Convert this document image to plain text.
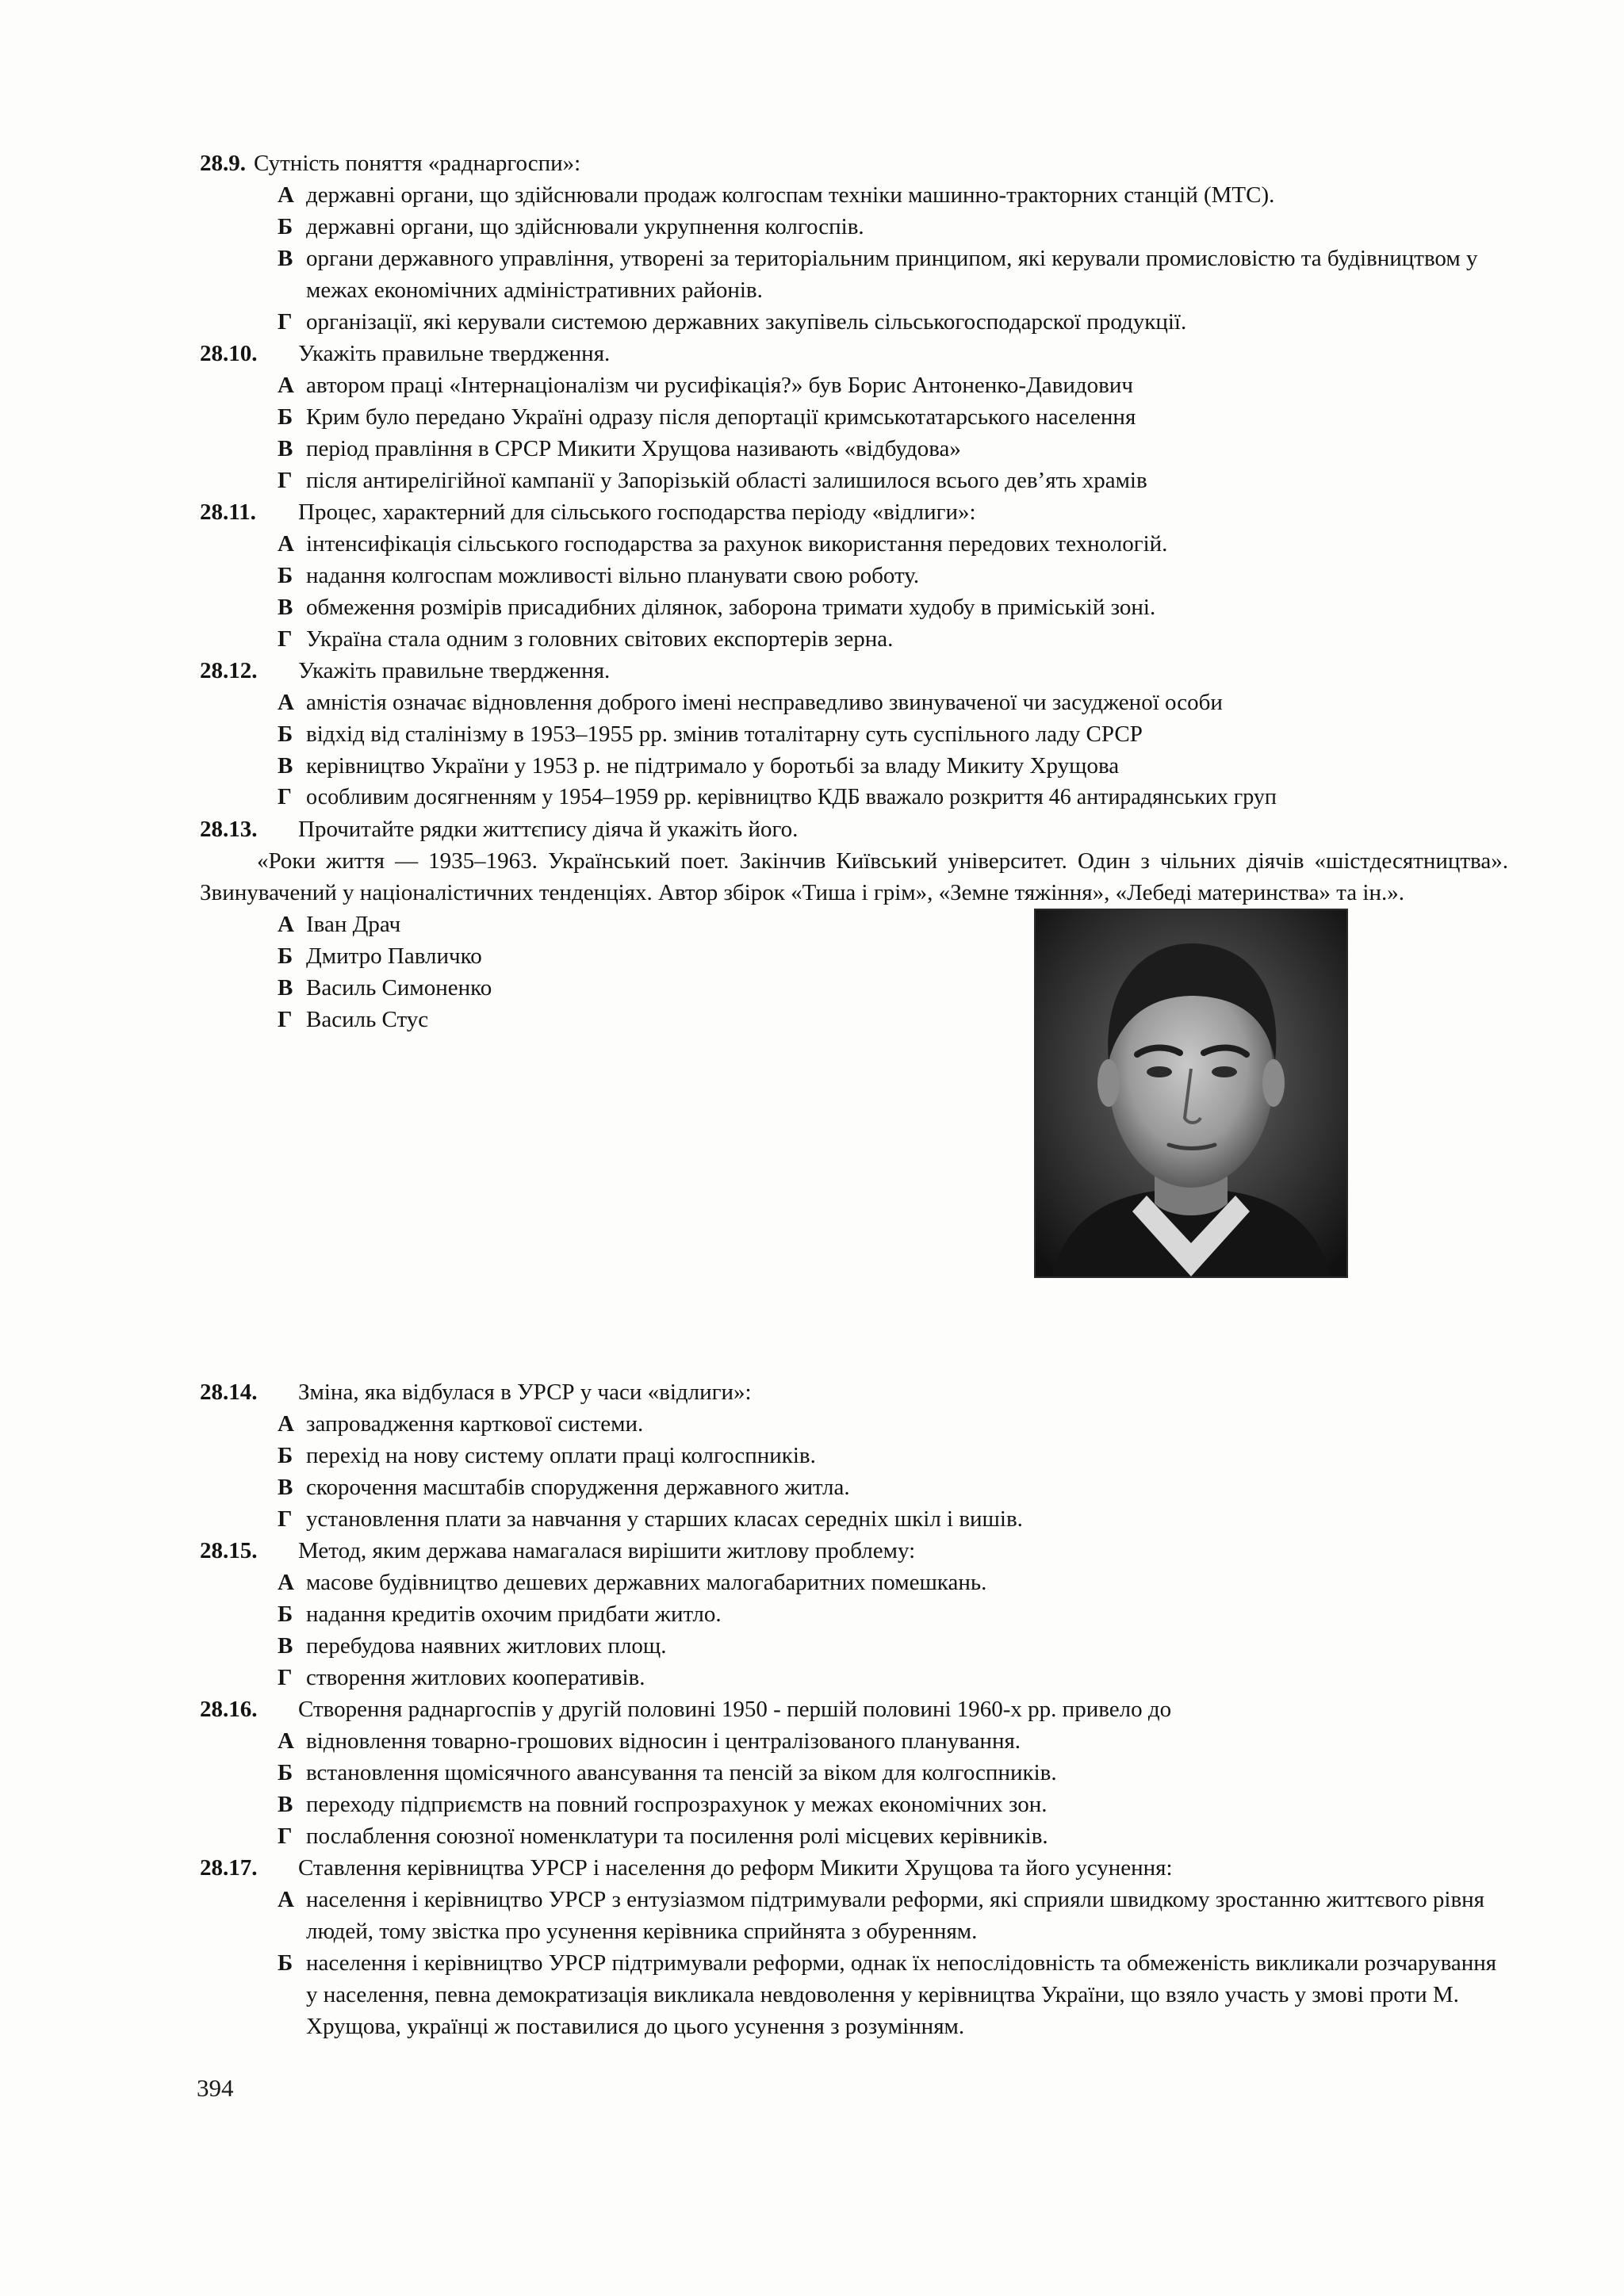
28.9. Сутність поняття «раднаргоспи»:
А державні органи, що здійснювали продаж колгоспам техніки машинно-тракторних станцій (МТС).
Б державні органи, що здійснювали укрупнення колгоспів.
В органи державного управління, утворені за територіальним принципом, які керували промисловістю та будівництвом у межах економічних адміністративних районів.
Г організації, які керували системою державних закупівель сільськогосподарскої продукції.
28.10.	Укажіть правильне твердження.
А автором праці «Інтернаціоналізм чи русифікація?» був Борис Антоненко-Давидович
Б Крим було передано Україні одразу після депортації кримськотатарського населення
В період правління в СРСР Микити Хрущова називають «відбудова»
Г після антирелігійної кампанії у Запорізькій області залишилося всього дев’ять храмів
28.11.	Процес, характерний для сільського господарства періоду «відлиги»:
А інтенсифікація сільського господарства за рахунок використання передових технологій.
Б надання колгоспам можливості вільно планувати свою роботу.
В обмеження розмірів присадибних ділянок, заборона тримати худобу в приміській зоні.
Г Україна стала одним з головних світових експортерів зерна.
28.12.	Укажіть правильне твердження.
А амністія означає відновлення доброго імені несправедливо звинуваченої чи засудженої особи
Б відхід від сталінізму в 1953–1955 рр. змінив тоталітарну суть суспільного ладу СРСР
В керівництво України у 1953 р. не підтримало у боротьбі за владу Микиту Хрущова
Г особливим досягненням у 1954–1959 рр. керівництво КДБ вважало розкриття 46 антирадянських груп
28.13.	Прочитайте рядки життєпису діяча й укажіть його.
«Роки життя — 1935–1963. Український поет. Закінчив Київський університет. Один з чільних діячів «шістдесятництва». Звинувачений у націоналістичних тенденціях. Автор збірок «Тиша і грім», «Земне тяжіння», «Лебеді материнства» та ін.».
А Іван Драч
Б Дмитро Павличко
В Василь Симоненко
Г Василь Стус
28.14.	Зміна, яка відбулася в УРСР у часи «відлиги»:
А запровадження карткової системи.
Б перехід на нову систему оплати праці колгоспників.
В скорочення масштабів спорудження державного житла.
Г установлення плати за навчання у старших класах середніх шкіл і вишів.
28.15.	Метод, яким держава намагалася вирішити житлову проблему:
А масове будівництво дешевих державних малогабаритних помешкань.
Б надання кредитів охочим придбати житло.
В перебудова наявних житлових площ.
Г створення житлових кооперативів.
28.16.	Створення раднаргоспів у другій половині 1950 - першій половині 1960-х рр. привело до
А відновлення товарно-грошових відносин і централізованого планування.
Б встановлення щомісячного авансування та пенсій за віком для колгоспників.
В переходу підприємств на повний госпрозрахунок у межах економічних зон.
Г послаблення союзної номенклатури та посилення ролі місцевих керівників.
28.17.	Ставлення керівництва УРСР і населення до реформ Микити Хрущова та його усунення:
А населення і керівництво УРСР з ентузіазмом підтримували реформи, які сприяли швидкому зростанню життєвого рівня людей, тому звістка про усунення керівника сприйнята з обуренням.
Б населення і керівництво УРСР підтримували реформи, однак їх непослідовність та обмеженість викликали розчарування у населення, певна демократизація викликала невдоволення у керівництва України, що взяло участь у змові проти М. Хрущова, українці ж поставилися до цього усунення з розумінням.
394
